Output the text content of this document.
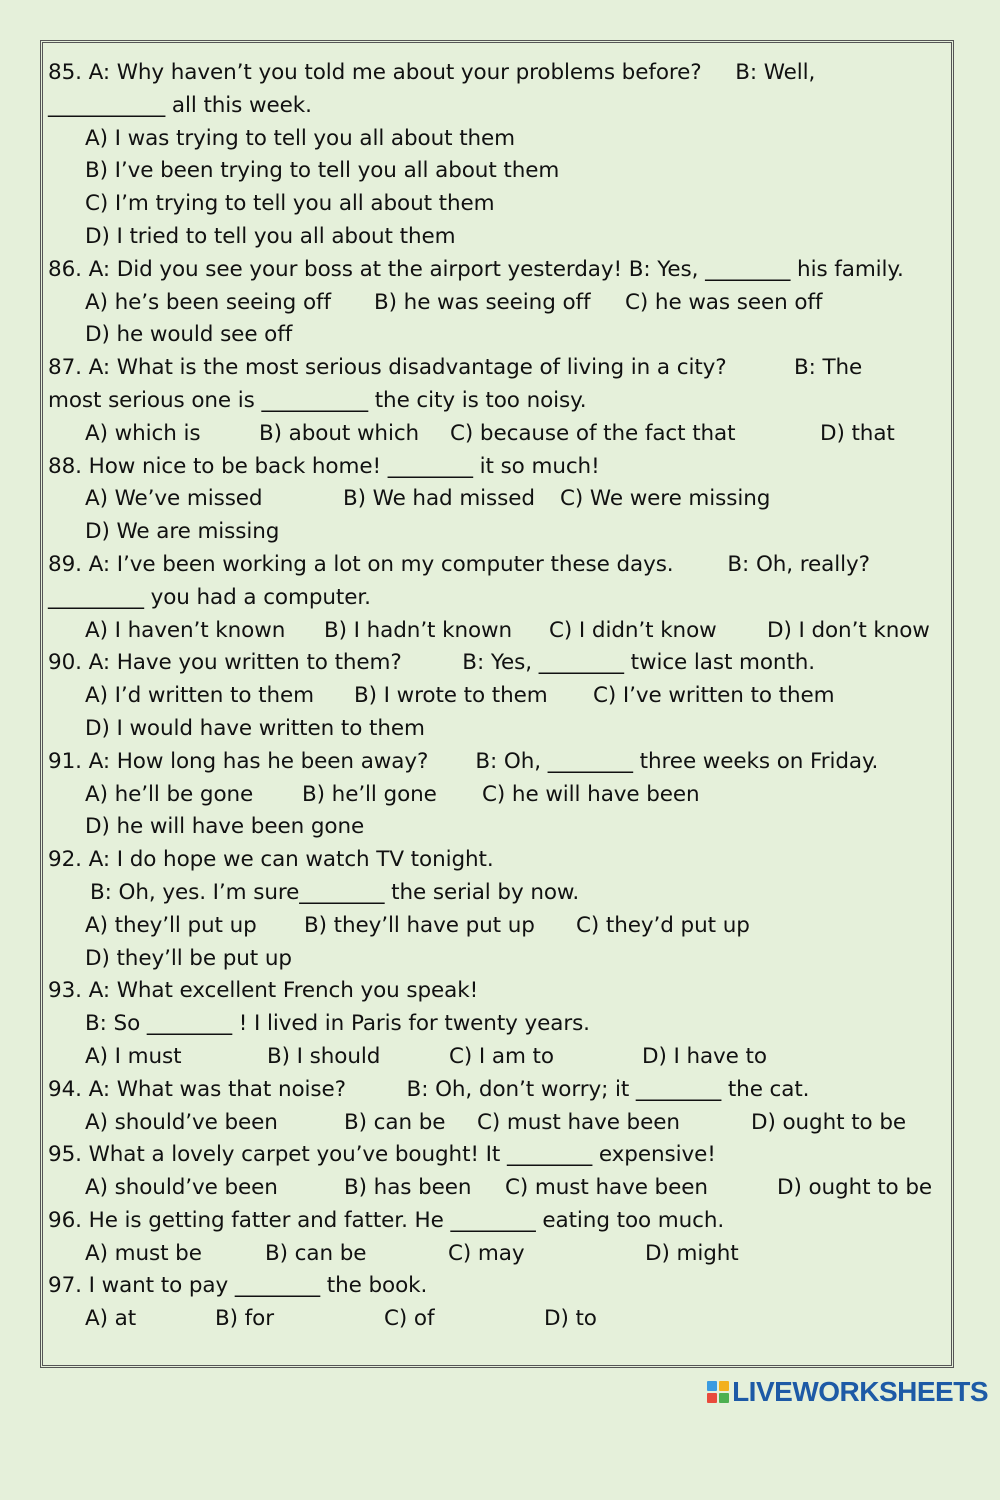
85. A: Why haven’t you told me about your problems before?     B: Well,
___________ all this week.
A) I was trying to tell you all about them
B) I’ve been trying to tell you all about them
C) I’m trying to tell you all about them
D) I tried to tell you all about them
86. A: Did you see your boss at the airport yesterday! B: Yes, ________ his family.

A) he’s been seeing off

B) he was seeing off

C) he was seen off

D) he would see off
87. A: What is the most serious disadvantage of living in a city?          B: The
most serious one is __________ the city is too noisy.

A) which is

	B) about which

C) because of the fact that

	D) that

88. How nice to be back home! ________ it so much!

A) We’ve missed

	B) We had missed

C) We were missing

D) We are missing
89. A: I’ve been working a lot on my computer these days.        B: Oh, really?
_________ you had a computer.

A) I haven’t known

B) I hadn’t known

C) I didn’t know

D) I don’t know

90. A: Have you written to them?         B: Yes, ________ twice last month.

A) I’d written to them

B) I wrote to them

C) I’ve written to them

D) I would have written to them
91. A: How long has he been away?       B: Oh, ________ three weeks on Friday.

A) he’ll be gone

B) he’ll gone

C) he will have been

D) he will have been gone
92. A: I do hope we can watch TV tonight.
B: Oh, yes. I’m sure________ the serial by now.

A) they’ll put up

B) they’ll have put up

C) they’d put up

D) they’ll be put up
93. A: What excellent French you speak!
B: So ________ ! I lived in Paris for twenty years.

A) I must

	B) I should

	C) I am to

	D) I have to

94. A: What was that noise?         B: Oh, don’t worry; it ________ the cat.

A) should’ve been

	B) can be

C) must have been

	D) ought to be

95. What a lovely carpet you’ve bought! It ________ expensive!

A) should’ve been

	B) has been

C) must have been

	D) ought to be

96. He is getting fatter and fatter. He ________ eating too much.

A) must be

	B) can be

	C) may

	D) might

97. I want to pay ________ the book.

A) at

	B) for

	C) of

	D) to

LIVEWORKSHEETS
